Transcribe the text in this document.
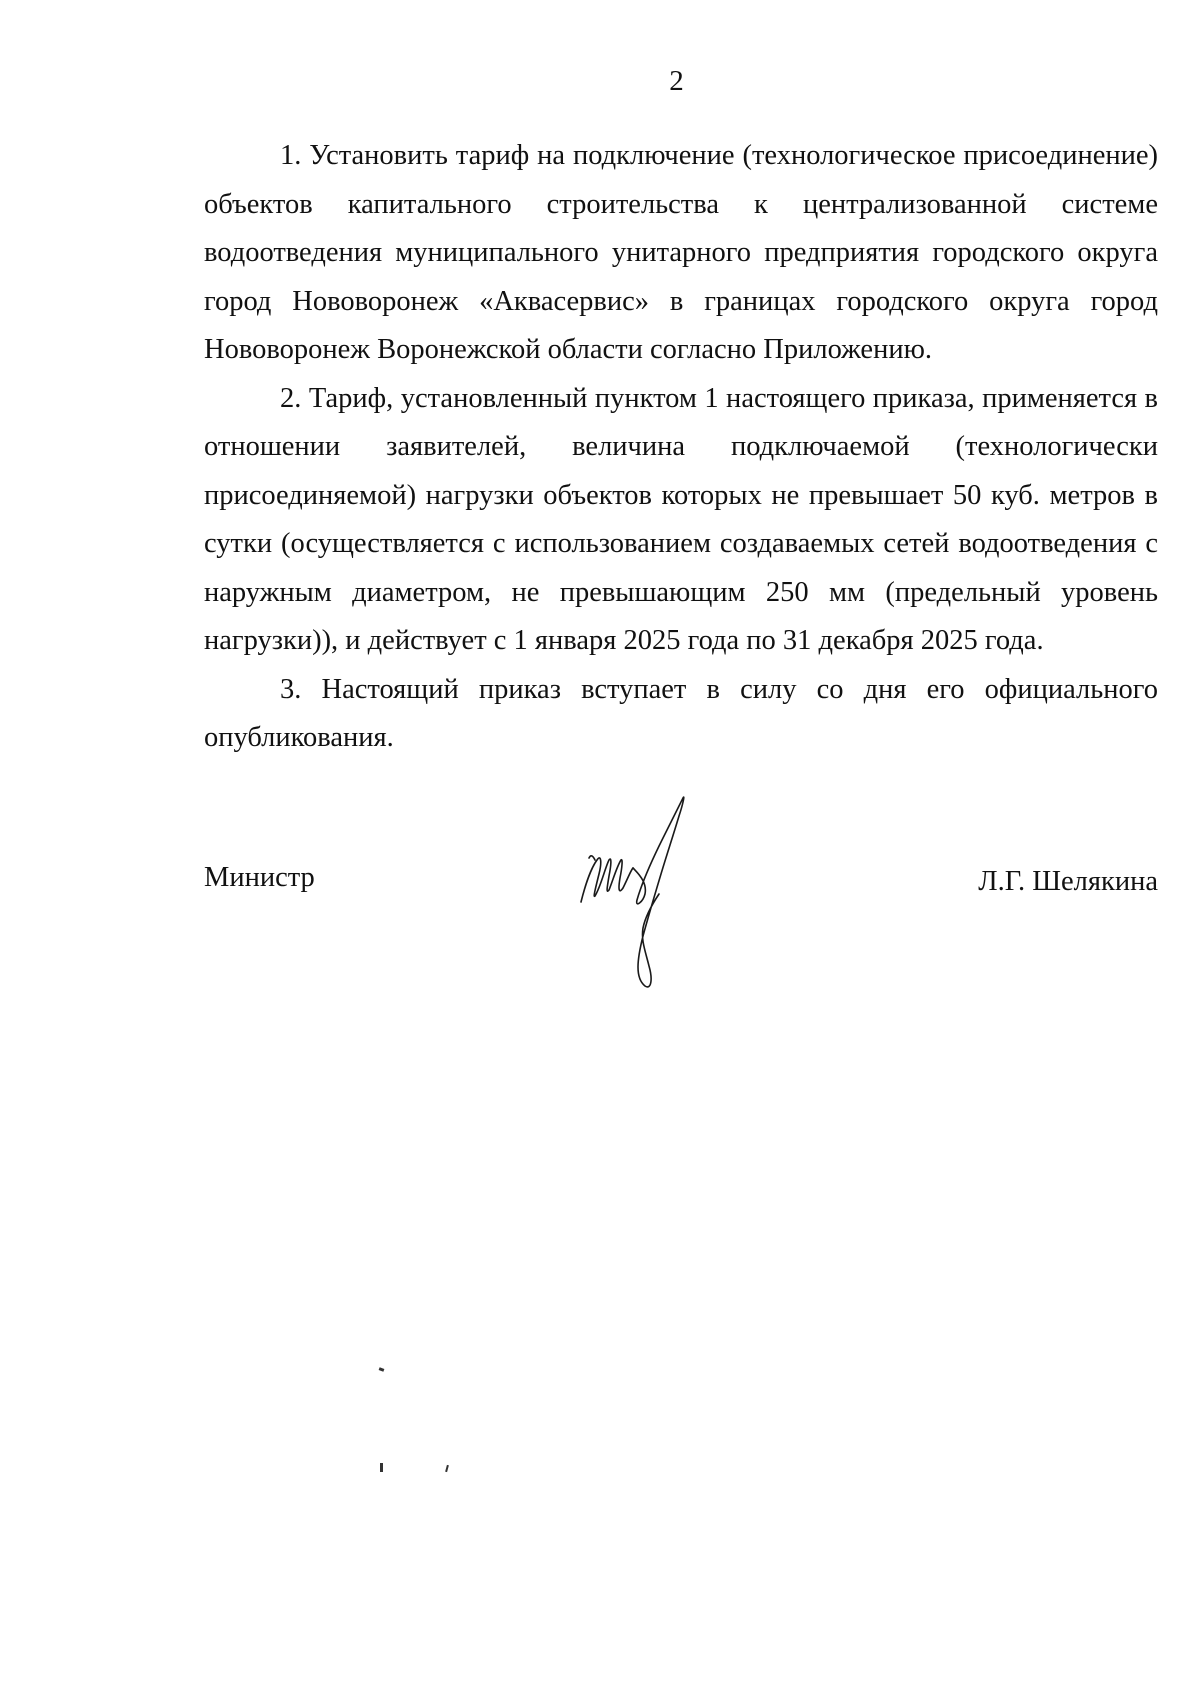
2

1. Установить тариф на подключение (технологическое присоединение) объектов капитального строительства к централизованной системе водоотведения муниципального унитарного предприятия городского округа город Нововоронеж «Аквасервис» в границах городского округа город Нововоронеж Воронежской области согласно Приложению.

2. Тариф, установленный пунктом 1 настоящего приказа, применяется в отношении заявителей, величина подключаемой (технологически присоединяемой) нагрузки объектов которых не превышает 50 куб. метров в сутки (осуществляется с использованием создаваемых сетей водоотведения с наружным диаметром, не превышающим 250 мм (предельный уровень нагрузки)), и действует с 1 января 2025 года по 31 декабря 2025 года.

3. Настоящий приказ вступает в силу со дня его официального опубликования.

Министр	Л.Г. Шелякина
